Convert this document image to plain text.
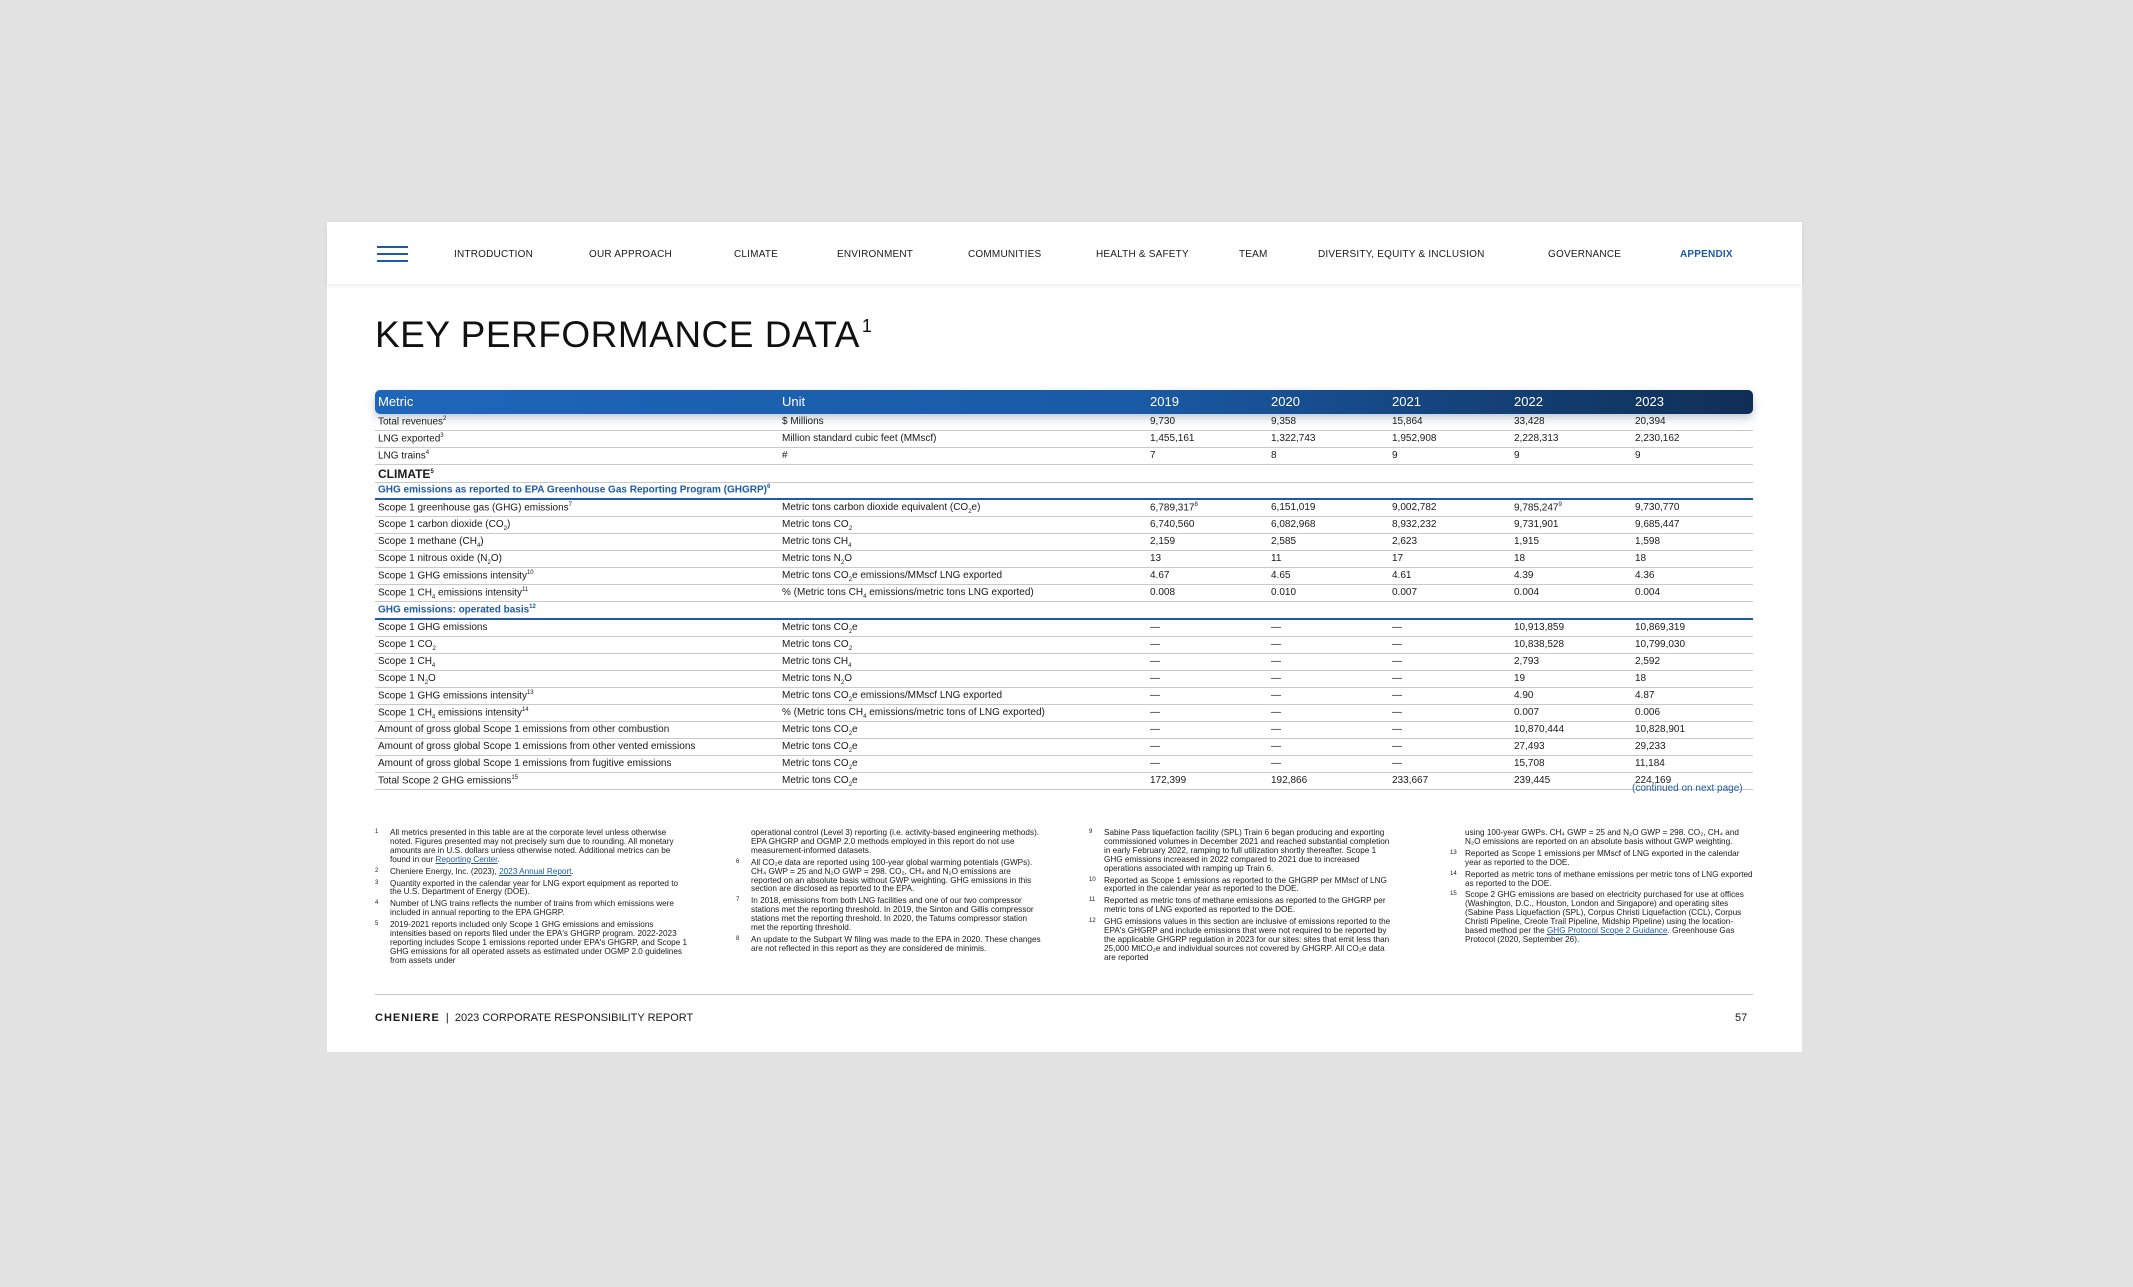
INTRODUCTION	OUR APPROACH	CLIMATE	ENVIRONMENT	COMMUNITIES	HEALTH & SAFETY	TEAM	DIVERSITY, EQUITY & INCLUSION	GOVERNANCE	APPENDIX
KEY PERFORMANCE DATA $^1$
Metric	Unit	2019	2020	2021	2022	2023
Total revenues$^2$	$ Millions	9,730	9,358	15,864	33,428	20,394
LNG exported$^3$	Million standard cubic feet (MMscf)	1,455,161	1,322,743	1,952,908	2,228,313	2,230,162
LNG trains$^4$	#	7	8	9	9	9
CLIMATE$^5$
GHG emissions as reported to EPA Greenhouse Gas Reporting Program (GHGRP)$^6$
Scope 1 greenhouse gas (GHG) emissions$^7$	Metric tons carbon dioxide equivalent $(CO_2e)$	6,789,317$^8$	6,151,019	9,002,782	9,785,247$^9$	9,730,770
Scope 1 carbon dioxide $(CO_2)$	Metric tons $CO_2$	6,740,560	6,082,968	8,932,232	9,731,901	9,685,447
Scope 1 methane $(CH_4)$	Metric tons $CH_4$	2,159	2,585	2,623	1,915	1,598
Scope 1 nitrous oxide $(N_2O)$	Metric tons $N_2O$	13	11	17	18	18
Scope 1 GHG emissions intensity$^{10}$	Metric tons $CO_2e$ emissions/MMscf LNG exported	4.67	4.65	4.61	4.39	4.36
Scope 1 $CH_4$ emissions intensity$^{11}$	% (Metric tons $CH_4$ emissions/metric tons LNG exported)	0.008	0.010	0.007	0.004	0.004
GHG emissions: operated basis$^{12}$
Scope 1 GHG emissions	Metric tons $CO_2e$	—	—	—	10,913,859	10,869,319
Scope 1 $CO_2$	Metric tons $CO_2$	—	—	—	10,838,528	10,799,030
Scope 1 $CH_4$	Metric tons $CH_4$	—	—	—	2,793	2,592
Scope 1 $N_2O$	Metric tons $N_2O$	—	—	—	19	18
Scope 1 GHG emissions intensity$^{13}$	Metric tons $CO_2e$ emissions/MMscf LNG exported	—	—	—	4.90	4.87
Scope 1 $CH_4$ emissions intensity$^{14}$	% (Metric tons $CH_4$ emissions/metric tons of LNG exported)	—	—	—	0.007	0.006
Amount of gross global Scope 1 emissions from other combustion	Metric tons $CO_2e$	—	—	—	10,870,444	10,828,901
Amount of gross global Scope 1 emissions from other vented emissions	Metric tons $CO_2e$	—	—	—	27,493	29,233
Amount of gross global Scope 1 emissions from fugitive emissions	Metric tons $CO_2e$	—	—	—	15,708	11,184
Total Scope 2 GHG emissions$^{15}$	Metric tons $CO_2e$	172,399	192,866	233,667	239,445	224,169
(continued on next page)
1 All metrics presented in this table are at the corporate level unless otherwise noted. Figures presented may not precisely sum due to rounding. All monetary amounts are in U.S. dollars unless otherwise noted. Additional metrics can be found in our Reporting Center.
2 Cheniere Energy, Inc. (2023), 2023 Annual Report.
3 Quantity exported in the calendar year for LNG export equipment as reported to the U.S. Department of Energy (DOE).
4 Number of LNG trains reflects the number of trains from which emissions were included in annual reporting to the EPA GHGRP.
5 2019-2021 reports included only Scope 1 GHG emissions and emissions intensities based on reports filed under the EPA's GHGRP program. 2022-2023 reporting includes Scope 1 emissions reported under EPA's GHGRP, and Scope 1 GHG emissions for all operated assets as estimated under OGMP 2.0 guidelines from assets under
operational control (Level 3) reporting (i.e. activity-based engineering methods). EPA GHGRP and OGMP 2.0 methods employed in this report do not use measurement-informed datasets.
6 All CO₂e data are reported using 100-year global warming potentials (GWPs). CH₄ GWP = 25 and N₂O GWP = 298. CO₂, CH₄ and N₂O emissions are reported on an absolute basis without GWP weighting. GHG emissions in this section are disclosed as reported to the EPA.
7 In 2018, emissions from both LNG facilities and one of our two compressor stations met the reporting threshold. In 2019, the Sinton and Gillis compressor stations met the reporting threshold. In 2020, the Tatums compressor station met the reporting threshold.
8 An update to the Subpart W filing was made to the EPA in 2020. These changes are not reflected in this report as they are considered de minimis.
9 Sabine Pass liquefaction facility (SPL) Train 6 began producing and exporting commissioned volumes in December 2021 and reached substantial completion in early February 2022, ramping to full utilization shortly thereafter. Scope 1 GHG emissions increased in 2022 compared to 2021 due to increased operations associated with ramping up Train 6.
10 Reported as Scope 1 emissions as reported to the GHGRP per MMscf of LNG exported in the calendar year as reported to the DOE.
11 Reported as metric tons of methane emissions as reported to the GHGRP per metric tons of LNG exported as reported to the DOE.
12 GHG emissions values in this section are inclusive of emissions reported to the EPA's GHGRP and include emissions that were not required to be reported by the applicable GHGRP regulation in 2023 for our sites: sites that emit less than 25,000 MtCO₂e and individual sources not covered by GHGRP. All CO₂e data are reported
using 100-year GWPs. CH₄ GWP = 25 and N₂O GWP = 298. CO₂, CH₄ and N₂O emissions are reported on an absolute basis without GWP weighting.
13 Reported as Scope 1 emissions per MMscf of LNG exported in the calendar year as reported to the DOE.
14 Reported as metric tons of methane emissions per metric tons of LNG exported as reported to the DOE.
15 Scope 2 GHG emissions are based on electricity purchased for use at offices (Washington, D.C., Houston, London and Singapore) and operating sites (Sabine Pass Liquefaction (SPL), Corpus Christi Liquefaction (CCL), Corpus Christi Pipeline, Creole Trail Pipeline, Midship Pipeline) using the location-based method per the GHG Protocol Scope 2 Guidance. Greenhouse Gas Protocol (2020, September 26).
CHENIERE | 2023 CORPORATE RESPONSIBILITY REPORT	57
